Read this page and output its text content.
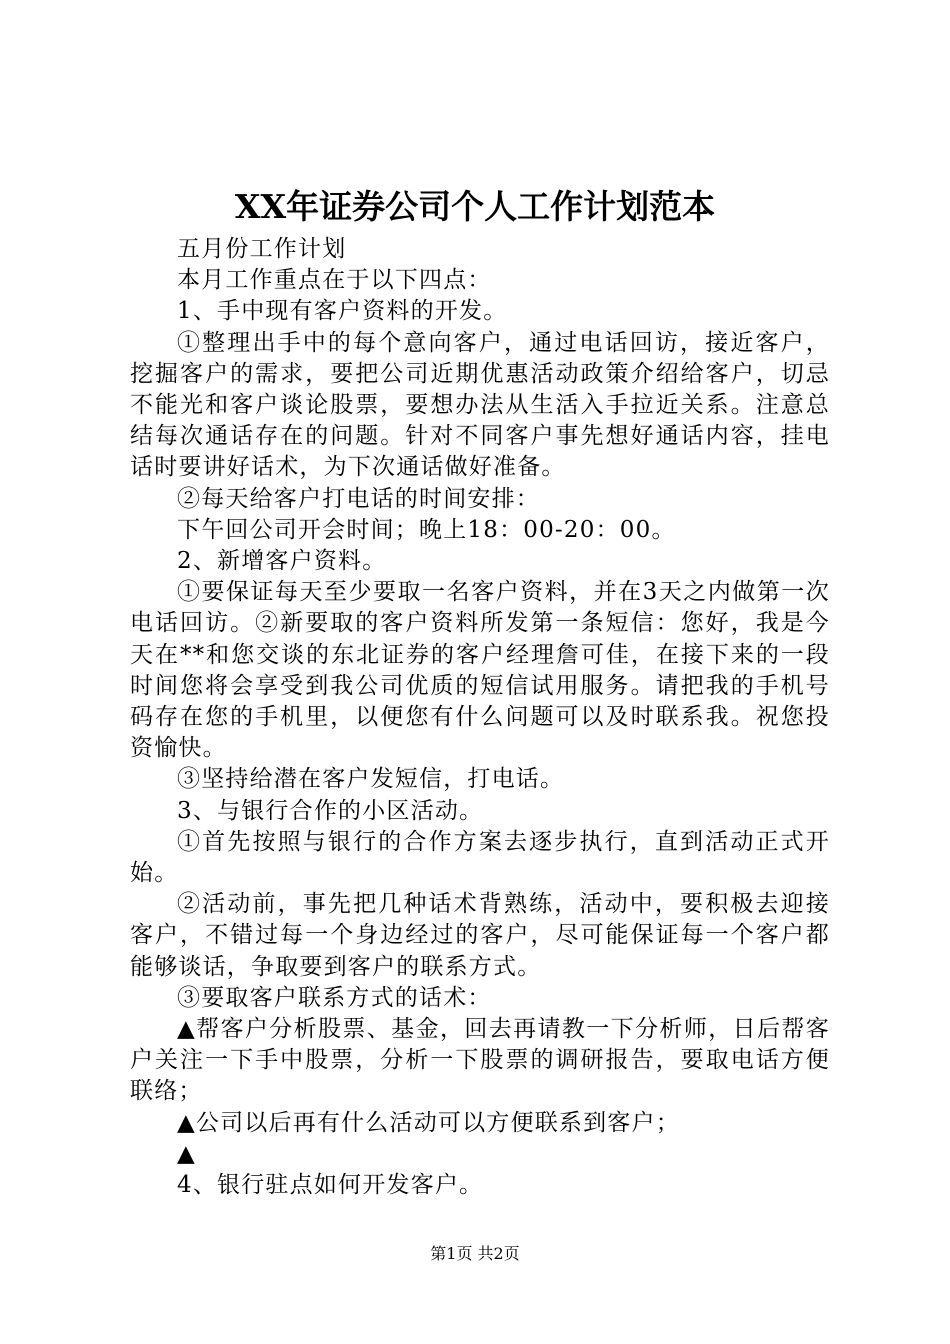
XX年证券公司个人工作计划范本

五月份工作计划

本月工作重点在于以下四点：

1、手中现有客户资料的开发。

①整理出手中的每个意向客户，通过电话回访，接近客户，挖掘客户的需求，要把公司近期优惠活动政策介绍给客户，切忌不能光和客户谈论股票，要想办法从生活入手拉近关系。注意总结每次通话存在的问题。针对不同客户事先想好通话内容，挂电话时要讲好话术，为下次通话做好准备。

②每天给客户打电话的时间安排：

下午回公司开会时间；晚上18：00-20：00。

2、新增客户资料。

①要保证每天至少要取一名客户资料，并在3天之内做第一次电话回访。②新要取的客户资料所发第一条短信：您好，我是今天在**和您交谈的东北证券的客户经理詹可佳，在接下来的一段时间您将会享受到我公司优质的短信试用服务。请把我的手机号码存在您的手机里，以便您有什么问题可以及时联系我。祝您投资愉快。

③坚持给潜在客户发短信，打电话。

3、与银行合作的小区活动。

①首先按照与银行的合作方案去逐步执行，直到活动正式开始。

②活动前，事先把几种话术背熟练，活动中，要积极去迎接客户，不错过每一个身边经过的客户，尽可能保证每一个客户都能够谈话，争取要到客户的联系方式。

③要取客户联系方式的话术：

▲帮客户分析股票、基金，回去再请教一下分析师，日后帮客户关注一下手中股票，分析一下股票的调研报告，要取电话方便联络；

▲公司以后再有什么活动可以方便联系到客户；

▲

4、银行驻点如何开发客户。

第1页 共2页
